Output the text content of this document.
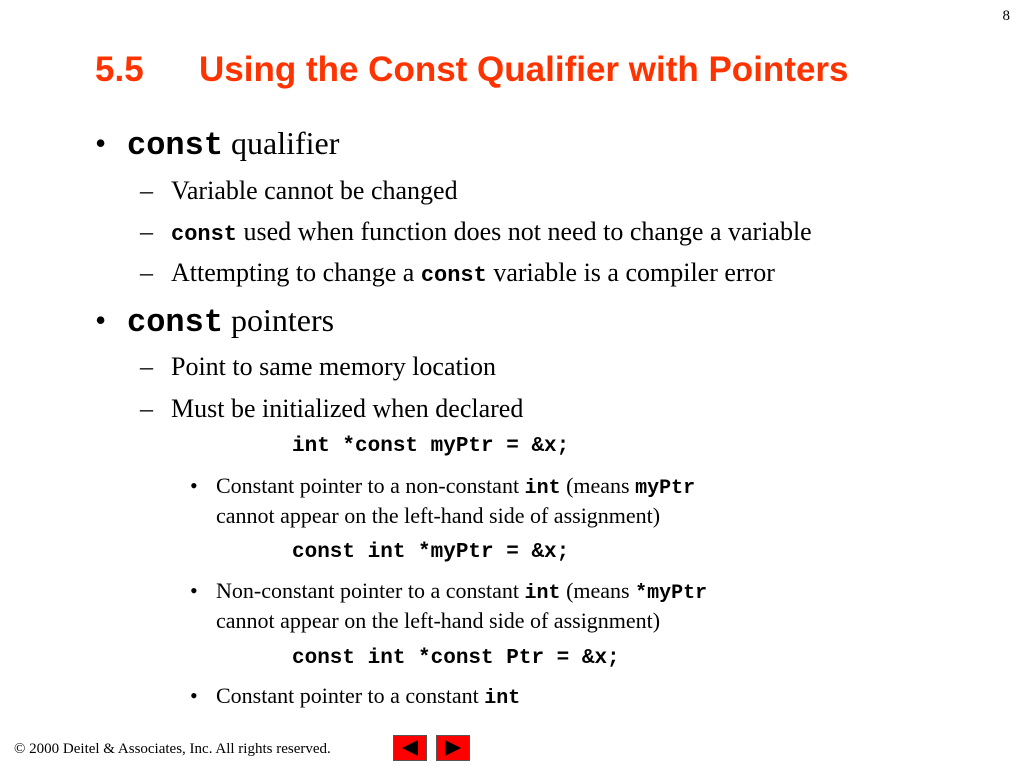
8
5.5 Using the Const Qualifier with Pointers
• const qualifier
– Variable cannot be changed
– const used when function does not need to change a variable
– Attempting to change a const variable is a compiler error
• const pointers
– Point to same memory location
– Must be initialized when declared
int *const myPtr = &x;
• Constant pointer to a non-constant int (means myPtr
cannot appear on the left-hand side of assignment)
const int *myPtr = &x;
• Non-constant pointer to a constant int (means *myPtr
cannot appear on the left-hand side of assignment)
const int *const Ptr = &x;
• Constant pointer to a constant int
© 2000 Deitel & Associates, Inc. All rights reserved.
